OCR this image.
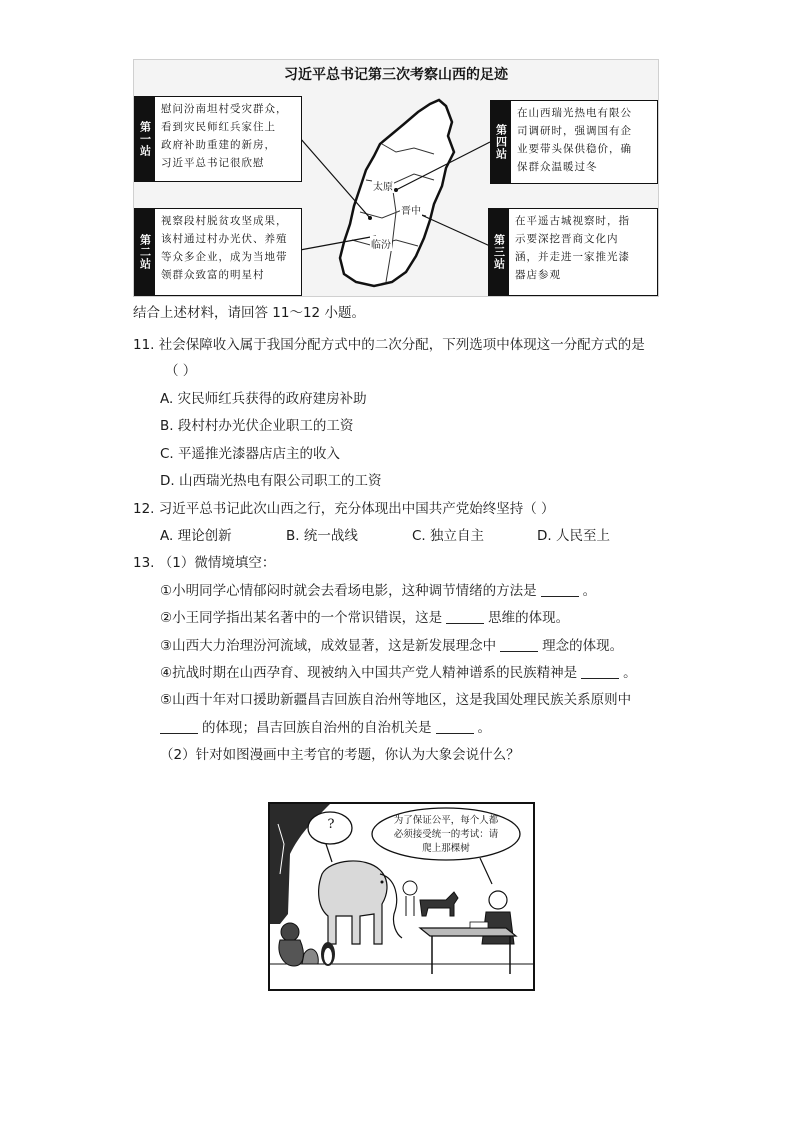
习近平总书记第三次考察山西的足迹
太原
晋中
临汾
第一站
慰问汾南坦村受灾群众，
看到灾民师红兵家住上
政府补助重建的新房，
习近平总书记很欣慰
第二站
视察段村脱贫攻坚成果，
该村通过村办光伏、养殖
等众多企业，成为当地带
领群众致富的明星村
第四站
在山西瑞光热电有限公
司调研时，强调国有企
业要带头保供稳价，确
保群众温暖过冬
第三站
在平遥古城视察时，指
示要深挖晋商文化内
涵，并走进一家推光漆
器店参观
结合上述材料，请回答 11～12 小题。
11. 社会保障收入属于我国分配方式中的二次分配，下列选项中体现这一分配方式的是
（ ）
A. 灾民师红兵获得的政府建房补助
B. 段村村办光伏企业职工的工资
C. 平遥推光漆器店店主的收入
D. 山西瑞光热电有限公司职工的工资
12. 习近平总书记此次山西之行，充分体现出中国共产党始终坚持（ ）
A. 理论创新	B. 统一战线	C. 独立自主	D. 人民至上
13. （1）微情境填空：
①小明同学心情郁闷时就会去看场电影，这种调节情绪的方法是	。
②小王同学指出某名著中的一个常识错误，这是	思维的体现。
③山西大力治理汾河流域，成效显著，这是新发展理念中	理念的体现。
④抗战时期在山西孕育、现被纳入中国共产党人精神谱系的民族精神是	。
⑤山西十年对口援助新疆昌吉回族自治州等地区，这是我国处理民族关系原则中
的体现；昌吉回族自治州的自治机关是	。
（2）针对如图漫画中主考官的考题，你认为大象会说什么？
?	为了保证公平，每个人都
必须接受统一的考试：请
爬上那棵树
